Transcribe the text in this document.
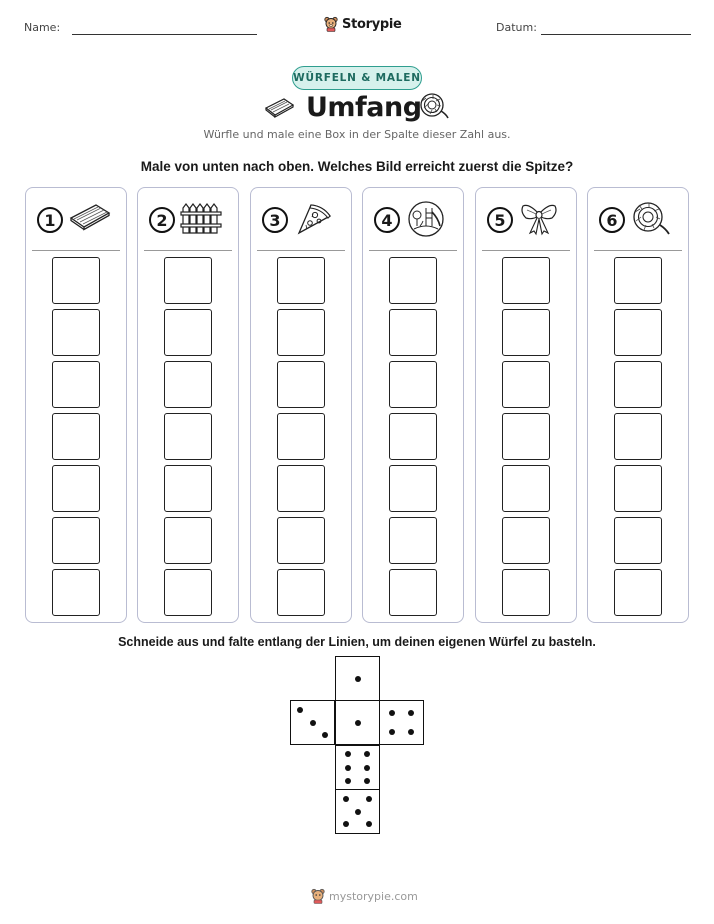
Name:	Storypie	Datum:
WÜRFELN & MALEN
Umfang
Würfle und male eine Box in der Spalte dieser Zahl aus.
Male von unten nach oben. Welches Bild erreicht zuerst die Spitze?
1	2	3	4	5	6
Schneide aus und falte entlang der Linien, um deinen eigenen Würfel zu basteln.
mystorypie.com
